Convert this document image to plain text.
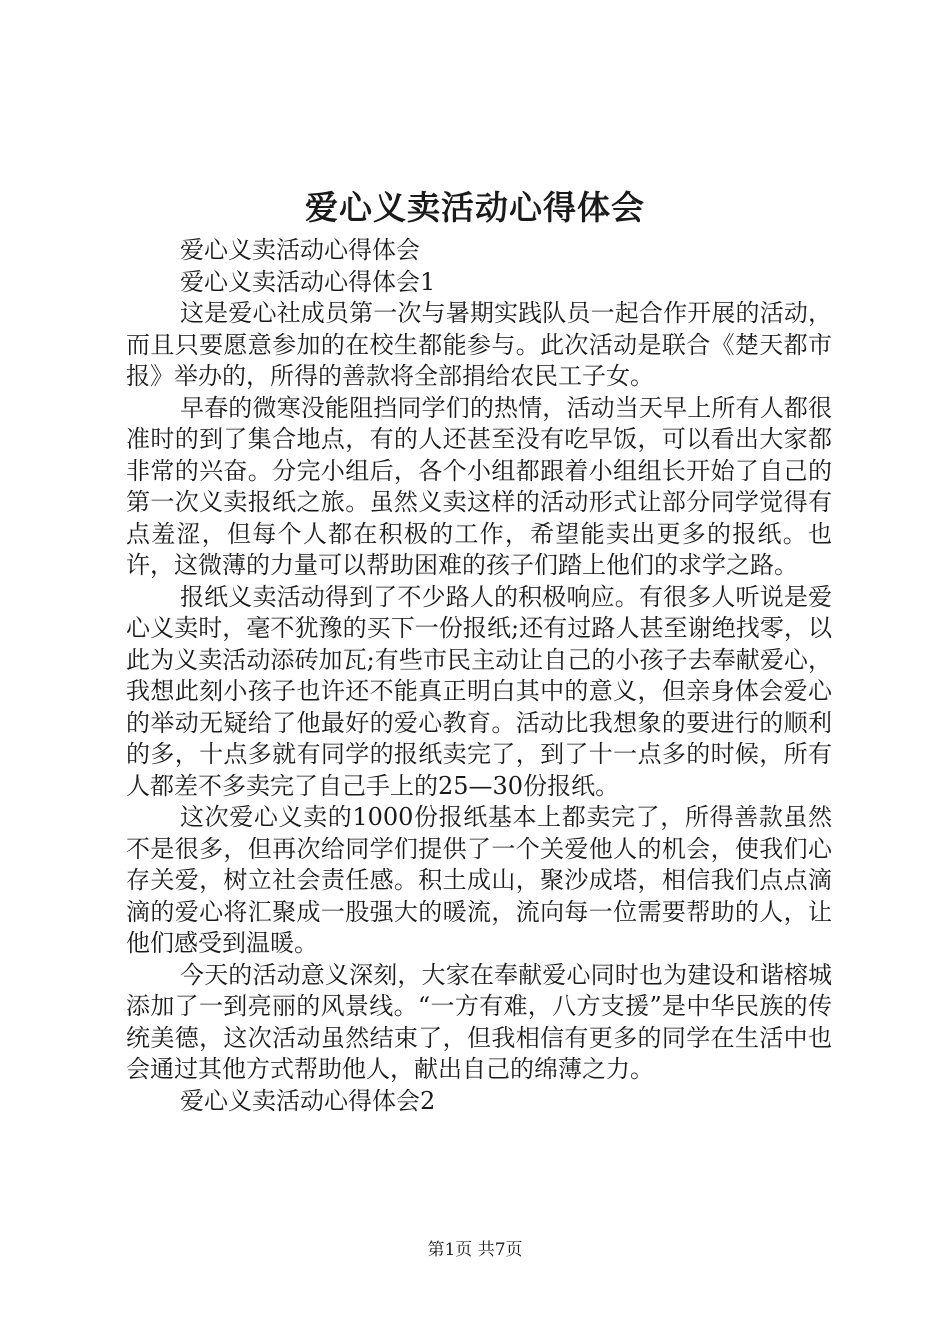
爱心义卖活动心得体会

爱心义卖活动心得体会

爱心义卖活动心得体会1

这是爱心社成员第一次与暑期实践队员一起合作开展的活动，而且只要愿意参加的在校生都能参与。此次活动是联合《楚天都市报》举办的，所得的善款将全部捐给农民工子女。

早春的微寒没能阻挡同学们的热情，活动当天早上所有人都很准时的到了集合地点，有的人还甚至没有吃早饭，可以看出大家都非常的兴奋。分完小组后，各个小组都跟着小组组长开始了自己的第一次义卖报纸之旅。虽然义卖这样的活动形式让部分同学觉得有点羞涩，但每个人都在积极的工作，希望能卖出更多的报纸。也许，这微薄的力量可以帮助困难的孩子们踏上他们的求学之路。

报纸义卖活动得到了不少路人的积极响应。有很多人听说是爱心义卖时，毫不犹豫的买下一份报纸;还有过路人甚至谢绝找零，以此为义卖活动添砖加瓦;有些市民主动让自己的小孩子去奉献爱心，我想此刻小孩子也许还不能真正明白其中的意义，但亲身体会爱心的举动无疑给了他最好的爱心教育。活动比我想象的要进行的顺利的多，十点多就有同学的报纸卖完了，到了十一点多的时候，所有人都差不多卖完了自己手上的25—30份报纸。

这次爱心义卖的1000份报纸基本上都卖完了，所得善款虽然不是很多，但再次给同学们提供了一个关爱他人的机会，使我们心存关爱，树立社会责任感。积土成山，聚沙成塔，相信我们点点滴滴的爱心将汇聚成一股强大的暖流，流向每一位需要帮助的人，让他们感受到温暖。

今天的活动意义深刻，大家在奉献爱心同时也为建设和谐榕城添加了一到亮丽的风景线。“一方有难，八方支援”是中华民族的传统美德，这次活动虽然结束了，但我相信有更多的同学在生活中也会通过其他方式帮助他人，献出自己的绵薄之力。

爱心义卖活动心得体会2

第1页 共7页
